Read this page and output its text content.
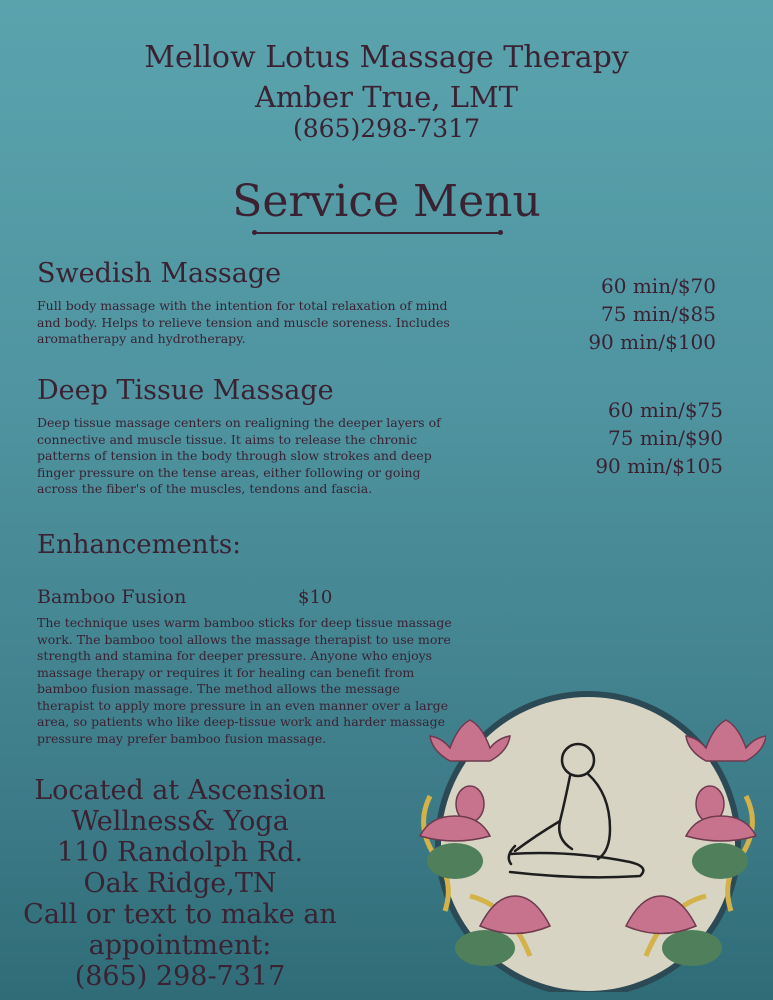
Mellow Lotus Massage Therapy
Amber True, LMT
(865)298-7317
Service Menu
Swedish Massage

Full body massage with the intention for total relaxation of mind and body. Helps to relieve tension and muscle soreness. Includes aromatherapy and hydrotherapy.

60 min/$70
75 min/$85
90 min/$100
Deep Tissue Massage

Deep tissue massage centers on realigning the deeper layers of connective and muscle tissue. It aims to release the chronic patterns of tension in the body through slow strokes and deep finger pressure on the tense areas, either following or going across the fiber's of the muscles, tendons and fascia.

60 min/$75
75 min/$90
90 min/$105
Enhancements:
Bamboo Fusion	$10

The technique uses warm bamboo sticks for deep tissue massage work. The bamboo tool allows the massage therapist to use more strength and stamina for deeper pressure. Anyone who enjoys massage therapy or requires it for healing can benefit from bamboo fusion massage. The method allows the message therapist to apply more pressure in an even manner over a large area, so patients who like deep-tissue work and harder massage pressure may prefer bamboo fusion massage.

Located at Ascension
Wellness& Yoga
110 Randolph Rd.
Oak Ridge,TN
Call or text to make an
appointment:
(865) 298-7317
